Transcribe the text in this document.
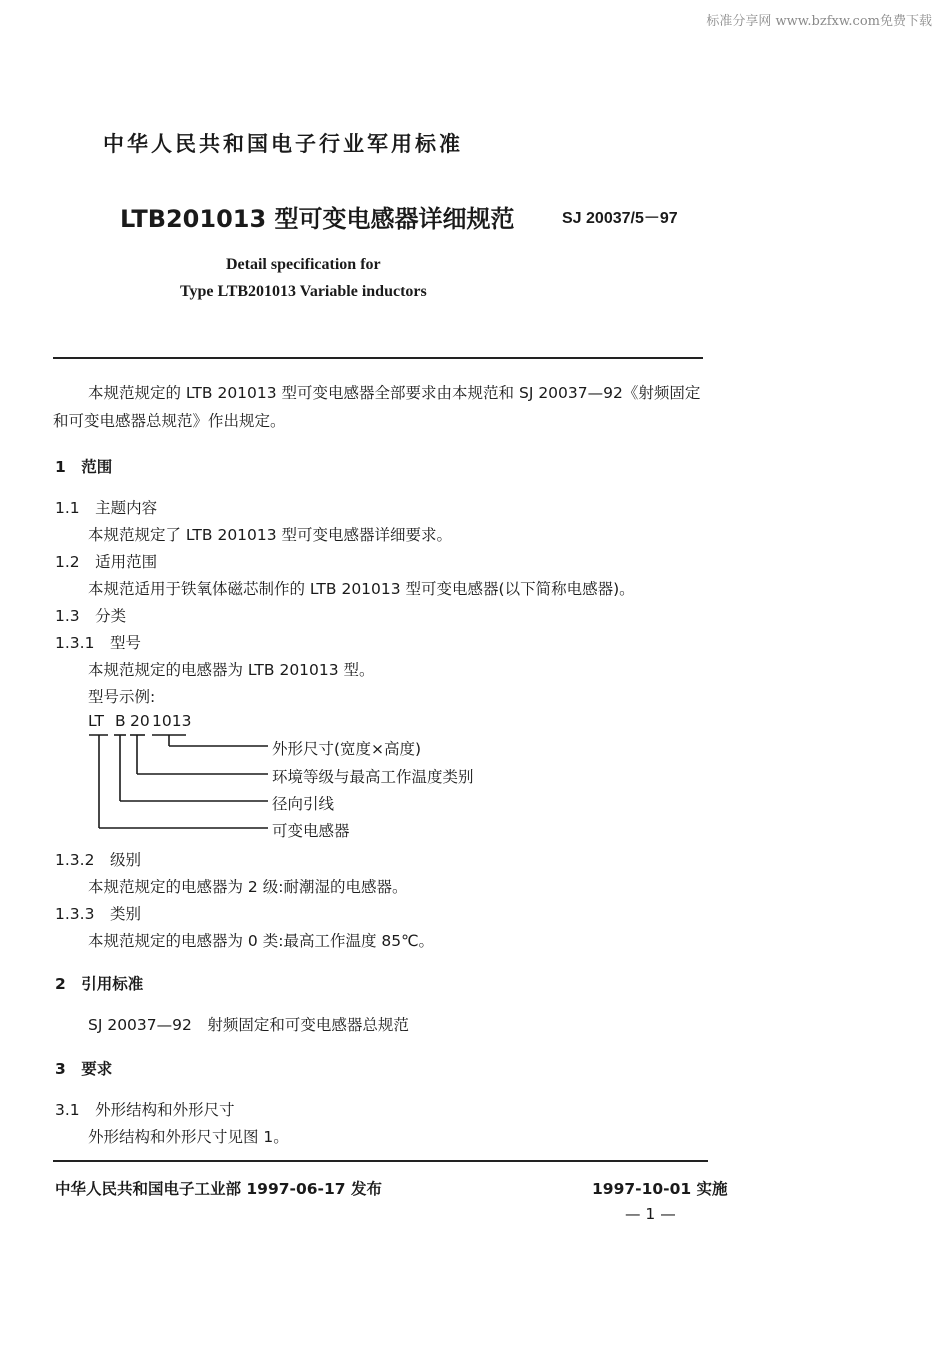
标准分享网 www.bzfxw.com免费下载
中华人民共和国电子行业军用标准
LTB201013 型可变电感器详细规范	SJ 20037/5－97
Detail specification for
Type LTB201013 Variable inductors
本规范规定的 LTB 201013 型可变电感器全部要求由本规范和 SJ 20037—92《射频固定
和可变电感器总规范》作出规定。
1　范围
1.1　主题内容
本规范规定了 LTB 201013 型可变电感器详细要求。
1.2　适用范围
本规范适用于铁氧体磁芯制作的 LTB 201013 型可变电感器(以下简称电感器)。
1.3　分类
1.3.1　型号
本规范规定的电感器为 LTB 201013 型。
型号示例:
LT B 20 1013
外形尺寸(宽度×高度)
环境等级与最高工作温度类别
径向引线
可变电感器
1.3.2　级别
本规范规定的电感器为 2 级:耐潮湿的电感器。
1.3.3　类别
本规范规定的电感器为 0 类:最高工作温度 85℃。
2　引用标准
SJ 20037—92　射频固定和可变电感器总规范
3　要求
3.1　外形结构和外形尺寸
外形结构和外形尺寸见图 1。
中华人民共和国电子工业部 1997-06-17 发布	1997-10-01 实施
— 1 —
